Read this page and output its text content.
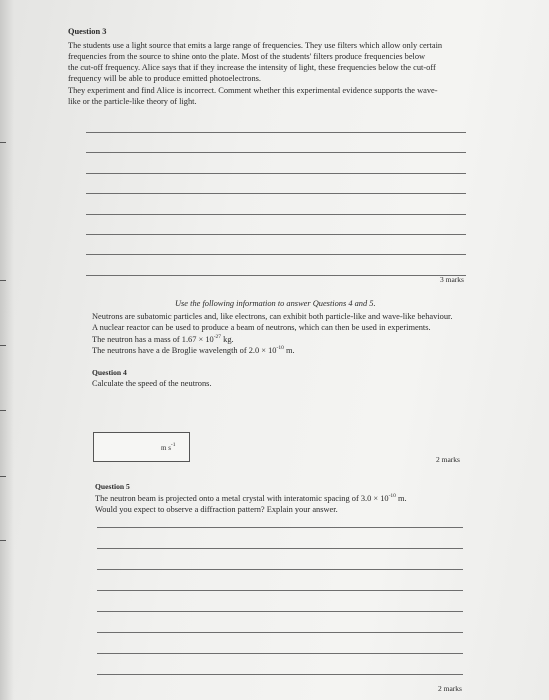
Question 3
The students use a light source that emits a large range of frequencies. They use filters which allow only certain
frequencies from the source to shine onto the plate. Most of the students' filters produce frequencies below
the cut-off frequency. Alice says that if they increase the intensity of light, these frequencies below the cut-off
frequency will be able to produce emitted photoelectrons.
They experiment and find Alice is incorrect. Comment whether this experimental evidence supports the wave-
like or the particle-like theory of light.
3 marks
Use the following information to answer Questions 4 and 5.
Neutrons are subatomic particles and, like electrons, can exhibit both particle-like and wave-like behaviour.
A nuclear reactor can be used to produce a beam of neutrons, which can then be used in experiments.
The neutron has a mass of $1.67 \times 10^{-27}$ kg.
The neutrons have a de Broglie wavelength of $2.0 \times 10^{-10}$ m.
Question 4
Calculate the speed of the neutrons.
m $s^{-1}$
2 marks
Question 5
The neutron beam is projected onto a metal crystal with interatomic spacing of $3.0 \times 10^{-10}$ m.
Would you expect to observe a diffraction pattern? Explain your answer.
2 marks
